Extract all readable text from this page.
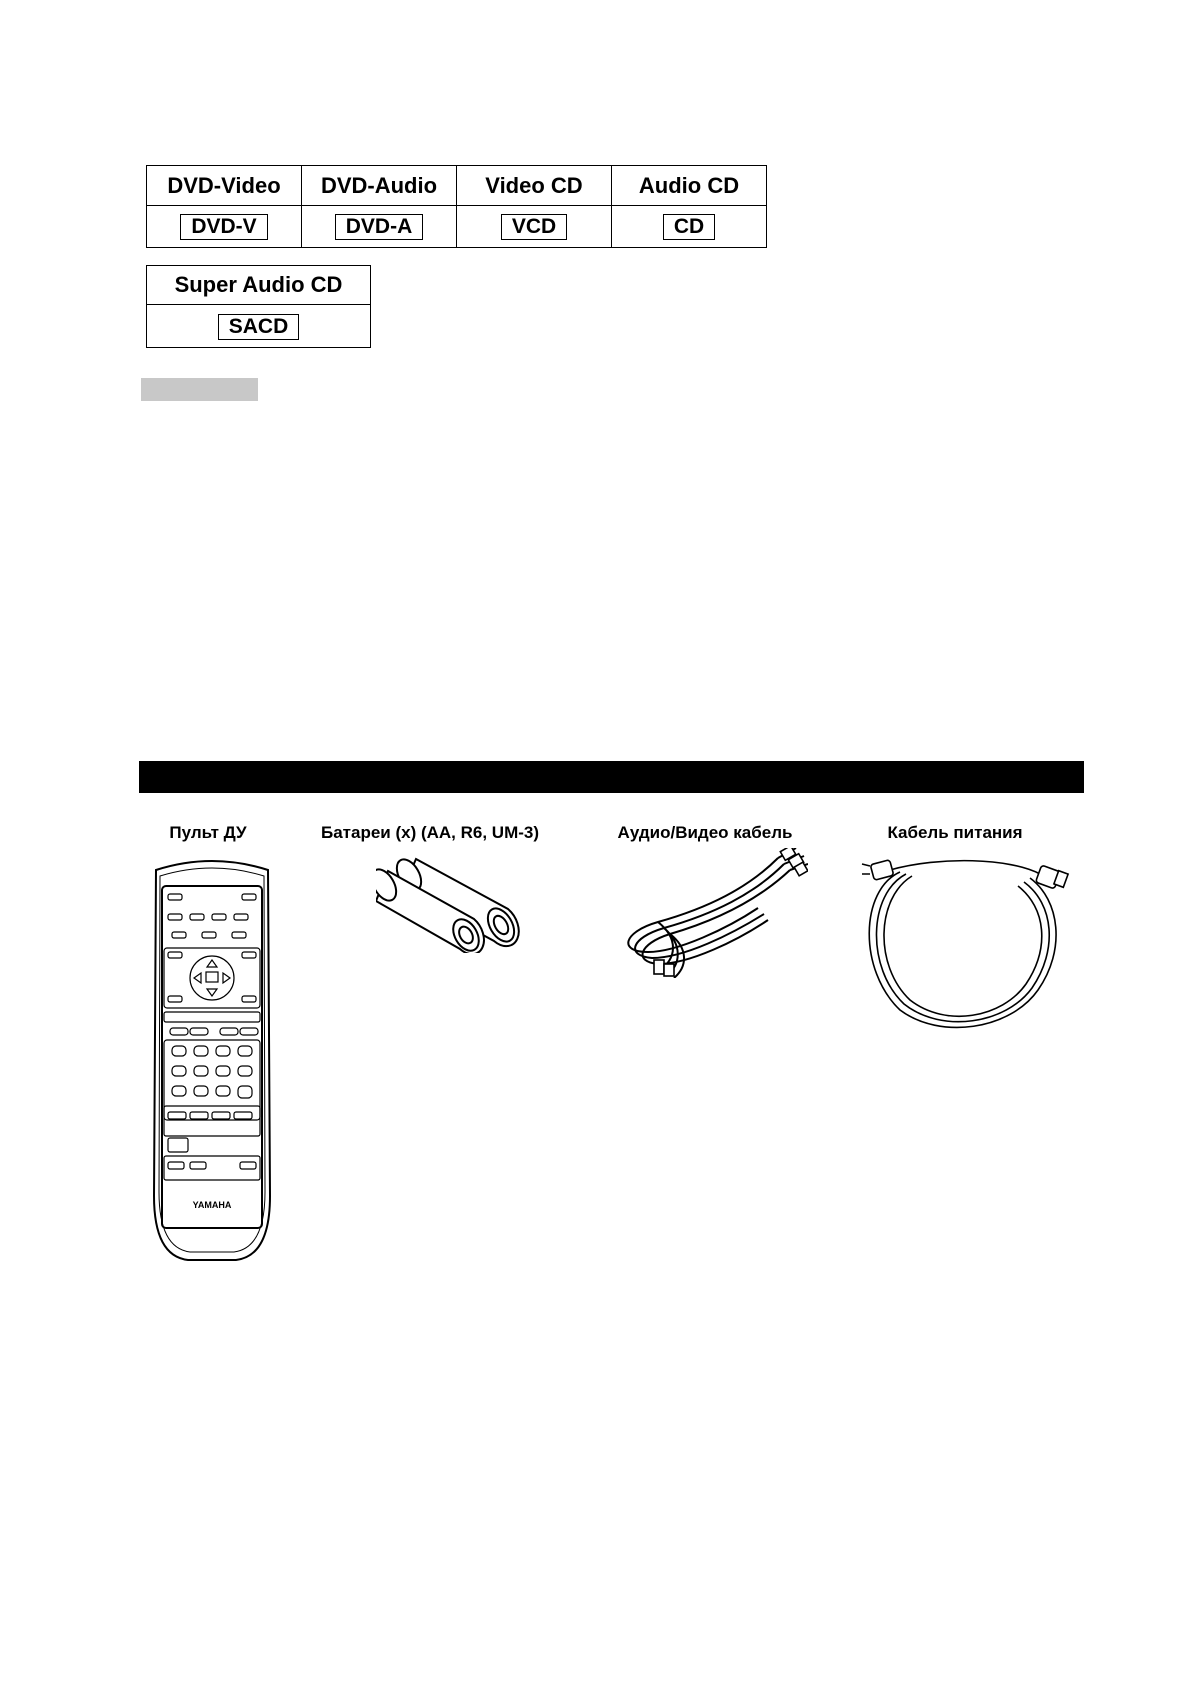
DVD-Video	DVD-Audio	Video CD	Audio CD
DVD-V	DVD-A	VCD	CD
Super Audio CD
SACD
Пульт ДУ	Батареи (x) (AA, R6, UM-3)	Аудио/Видео кабель	Кабель питания
YAMAHA
